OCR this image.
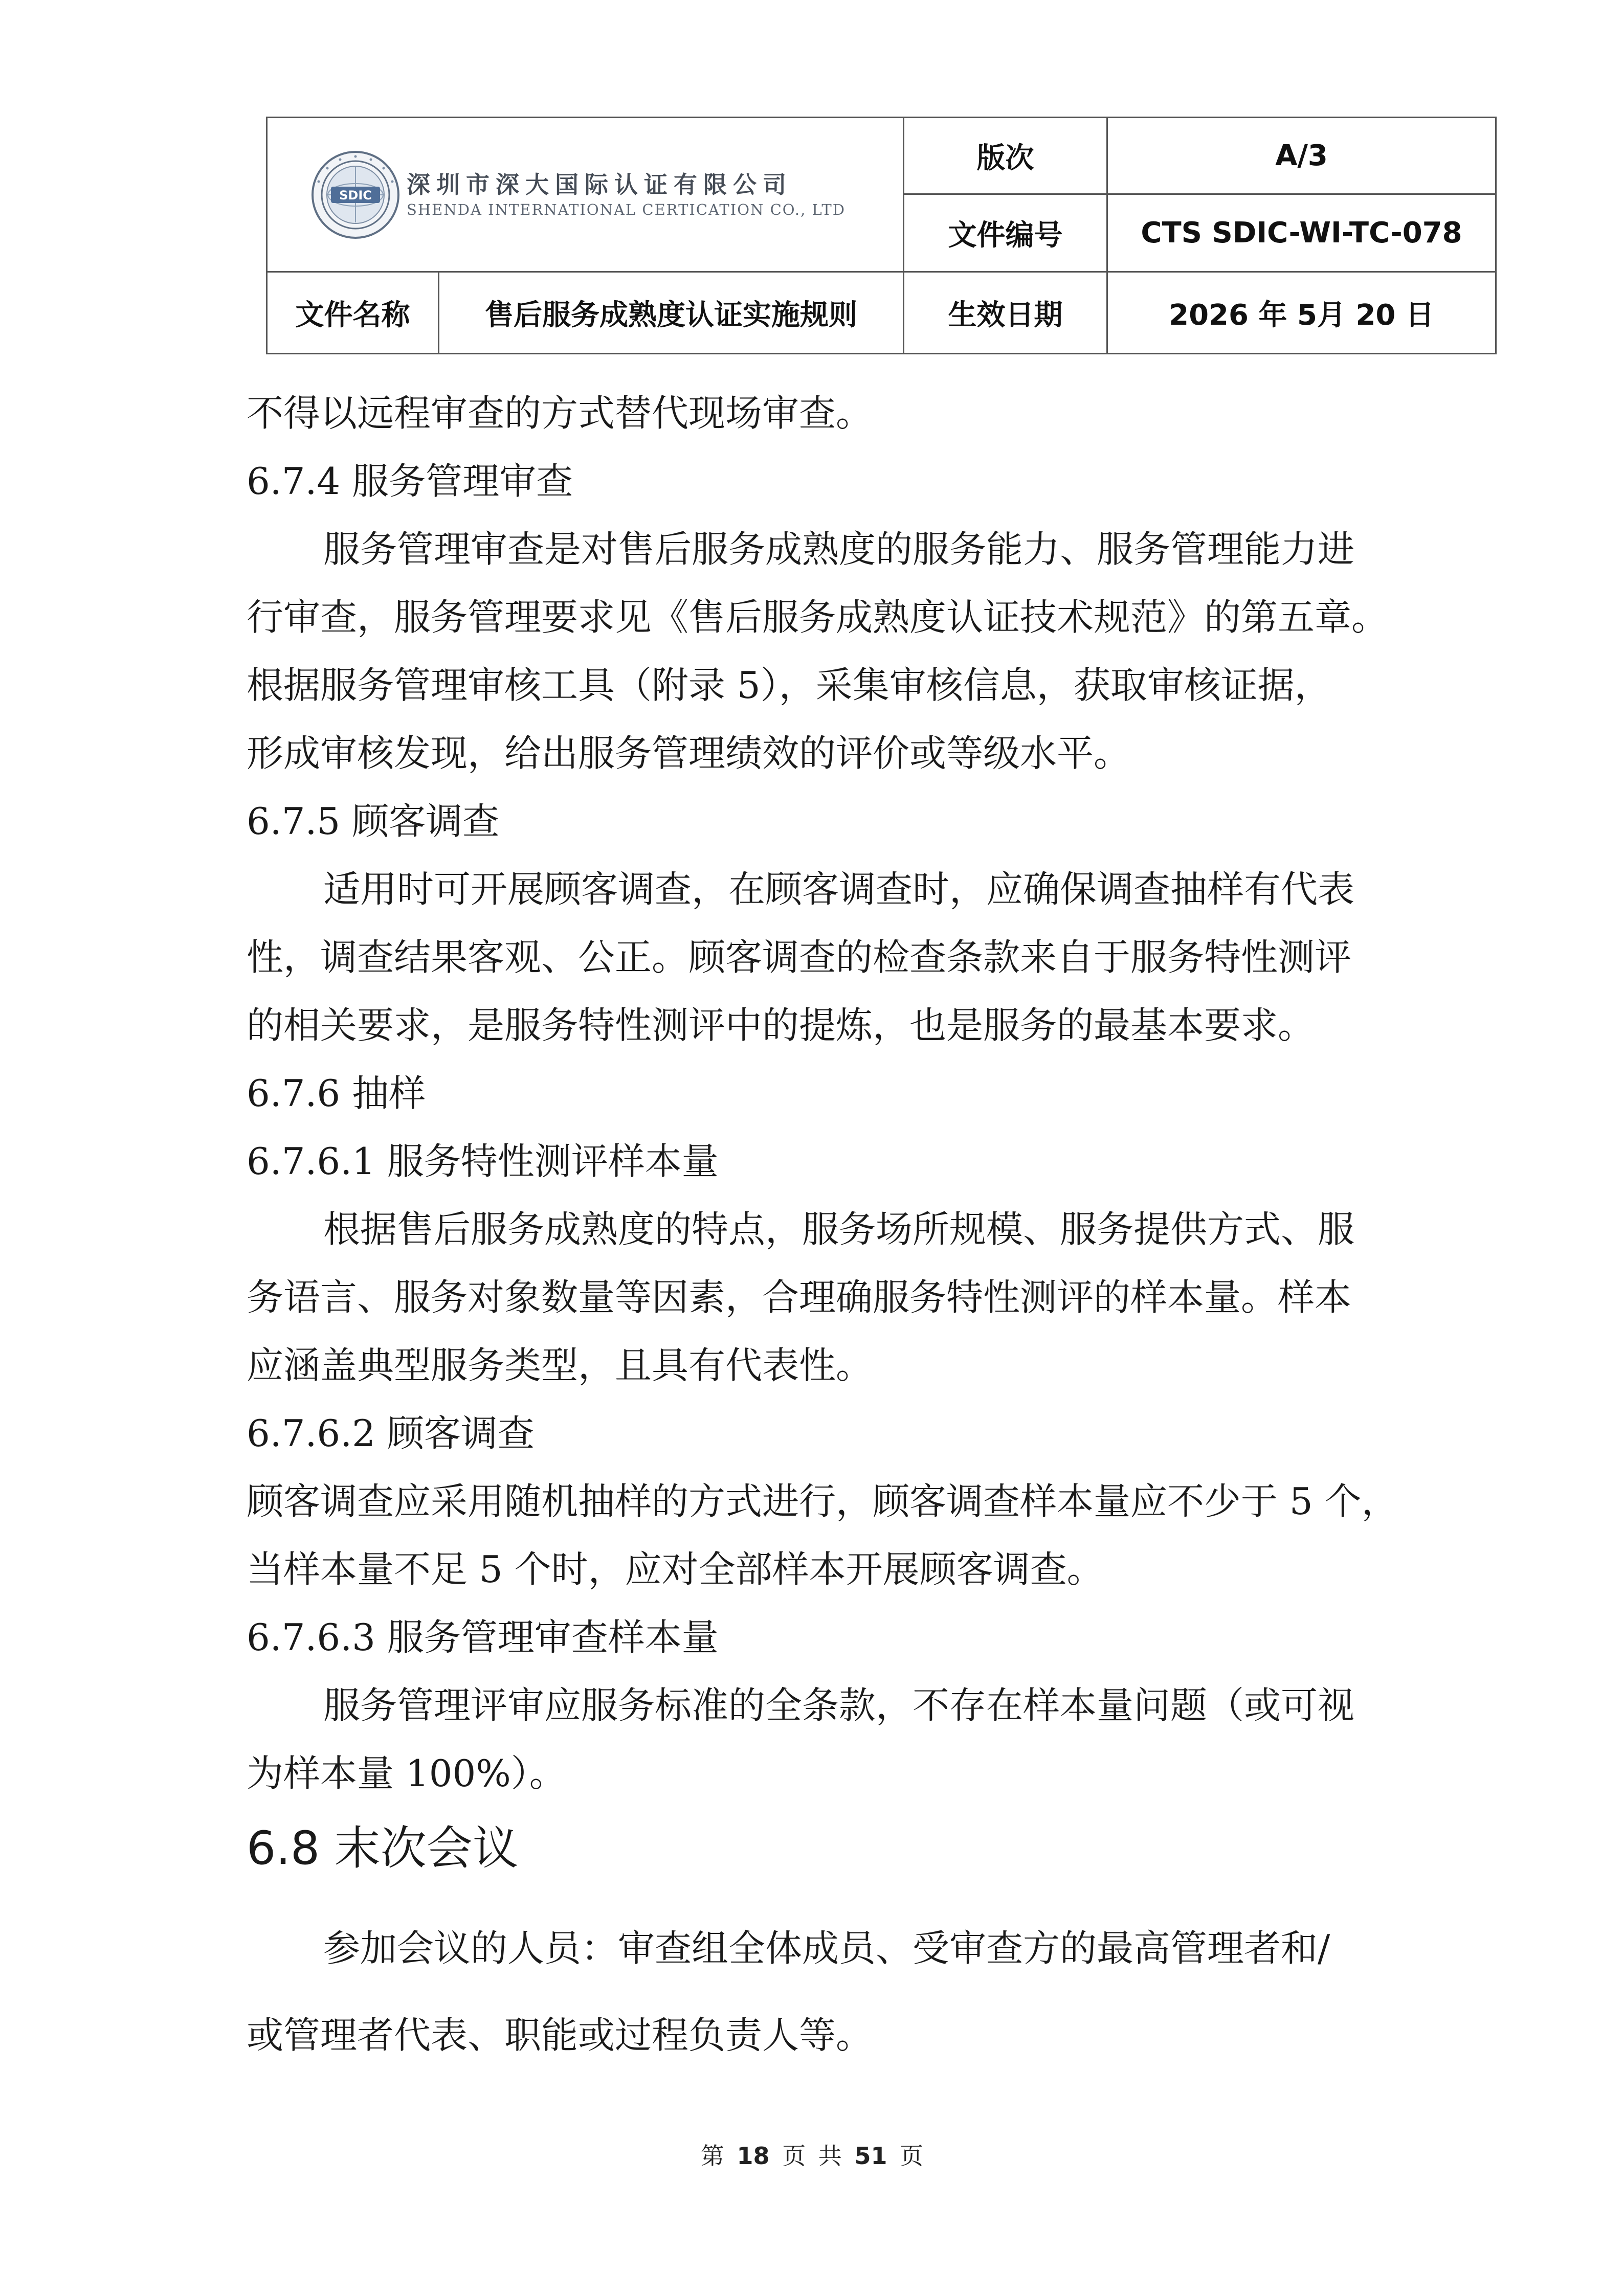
SDIC 深圳市深大国际认证有限公司
SHENDA INTERNATIONAL CERTICATION CO., LTD		版次	A/3
		文件编号	CTS SDIC-WI-TC-078
文件名称	售后服务成熟度认证实施规则	生效日期	2026 年 5月 20 日

不得以远程审查的方式替代现场审查。

6.7.4 服务管理审查

服务管理审查是对售后服务成熟度的服务能力、服务管理能力进

行审查，服务管理要求见《售后服务成熟度认证技术规范》的第五章。

根据服务管理审核工具（附录 5），采集审核信息，获取审核证据，

形成审核发现，给出服务管理绩效的评价或等级水平。

6.7.5 顾客调查

适用时可开展顾客调查，在顾客调查时，应确保调查抽样有代表

性，调查结果客观、公正。顾客调查的检查条款来自于服务特性测评

的相关要求，是服务特性测评中的提炼，也是服务的最基本要求。

6.7.6 抽样

6.7.6.1 服务特性测评样本量

根据售后服务成熟度的特点，服务场所规模、服务提供方式、服

务语言、服务对象数量等因素，合理确服务特性测评的样本量。样本

应涵盖典型服务类型，且具有代表性。

6.7.6.2 顾客调查

顾客调查应采用随机抽样的方式进行，顾客调查样本量应不少于 5 个，

当样本量不足 5 个时，应对全部样本开展顾客调查。

6.7.6.3 服务管理审查样本量

服务管理评审应服务标准的全条款，不存在样本量问题（或可视

为样本量 100%）。

6.8 末次会议

参加会议的人员：审查组全体成员、受审查方的最高管理者和/

或管理者代表、职能或过程负责人等。

第 18 页 共 51 页
